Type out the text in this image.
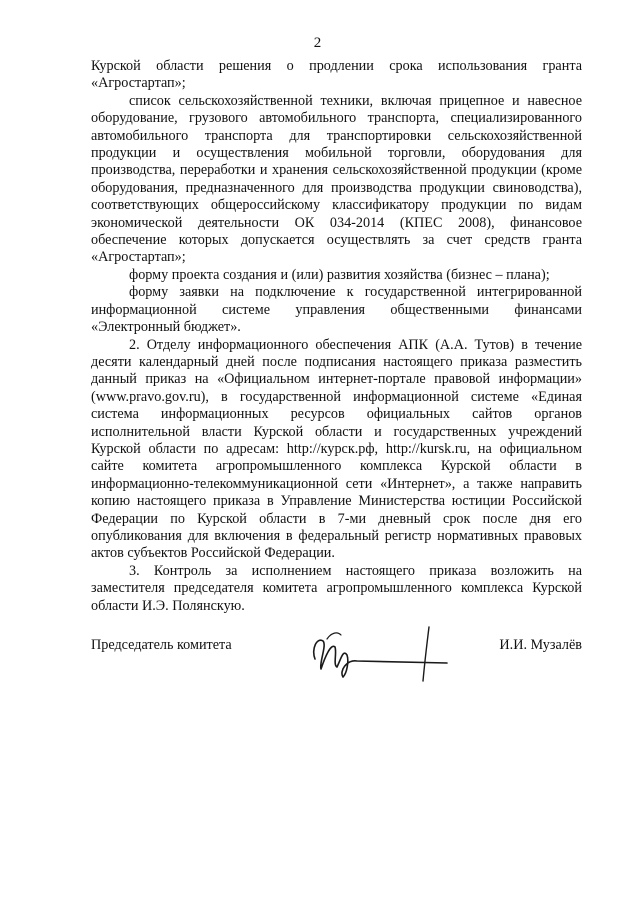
2

Курской области решения о продлении срока использования гранта «Агростартап»;

список сельскохозяйственной техники, включая прицепное и навесное оборудование, грузового автомобильного транспорта, специализированного автомобильного транспорта для транспортировки сельскохозяйственной продукции и осуществления мобильной торговли, оборудования для производства, переработки и хранения сельскохозяйственной продукции (кроме оборудования, предназначенного для производства продукции свиноводства), соответствующих общероссийскому классификатору продукции по видам экономической деятельности ОК 034-2014 (КПЕС 2008), финансовое обеспечение которых допускается осуществлять за счет средств гранта «Агростартап»;

форму проекта создания и (или) развития хозяйства (бизнес – плана);

форму заявки на подключение к государственной интегрированной информационной системе управления общественными финансами «Электронный бюджет».

2. Отделу информационного обеспечения АПК (А.А. Тутов) в течение десяти календарный дней после подписания настоящего приказа разместить данный приказ на «Официальном интернет-портале правовой информации» (www.pravo.gov.ru), в государственной информационной системе «Единая система информационных ресурсов официальных сайтов органов исполнительной власти Курской области и государственных учреждений Курской области по адресам: http://курск.рф, http://kursk.ru, на официальном сайте комитета агропромышленного комплекса Курской области в информационно-телекоммуникационной сети «Интернет», а также направить копию настоящего приказа в Управление Министерства юстиции Российской Федерации по Курской области в 7-ми дневный срок после дня его опубликования для включения в федеральный регистр нормативных правовых актов субъектов Российской Федерации.

3. Контроль за исполнением настоящего приказа возложить на заместителя председателя комитета агропромышленного комплекса Курской области И.Э. Полянскую.

Председатель комитета	И.И. Музалёв
